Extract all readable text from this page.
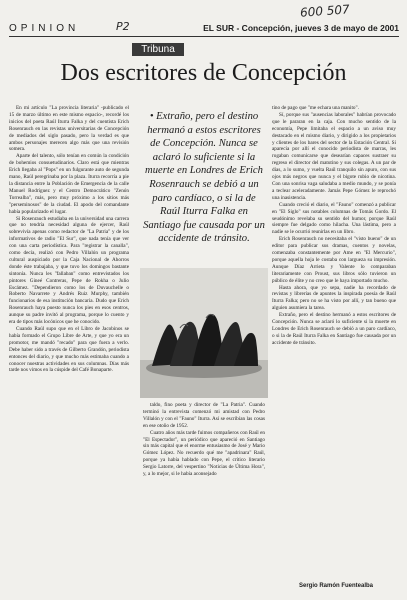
600 507
P2
OPINION	EL SUR - Concepción, jueves 3 de mayo de 2001
Tribuna
Dos escritores de Concepción

En mi artículo "La provincia literaria" -publicado el 15 de marzo último en este mismo espacio-, recordé los inicios del poeta Raúl Iturra Falka y del cuentista Erich Rosenrauch en las revistas universitarias de Concepción de mediados del siglo pasado, pero la verdad es que ambos personajes merecen algo más que una revisión somera.

Aparte del talento, sólo tenían en común la condición de bohemios consuetudinarios. Claro está que mientras Erich llegaba al "Pops" en un fulgurante auto de segunda mano, Raúl peregrinaba por la plaza. Iturra recorría a pie la distancia entre la Población de Emergencia de la calle Manuel Rodríguez y el Centro Democrático "Zenón Torrealba", más, pero muy próximo a los sitios más "perseminosos" de la ciudad. El apodo del comandante había popularizado el lugar.

Si Rosenrauch estudiaba en la universidad una carrera que no tendría necesidad alguna de ejercer, Raúl sobrevivía apenas como redactor de "La Patria" y de los informativos de radio "El Sur", que nada tenía que ver con una carta periodística. Para "registrar la canalla", como decía, realizó con Pedro Villalón un programa cultural auspiciado por la Caja Nacional de Ahorros donde éste trabajaba, y que tuvo los domingos bastante sintonía. Nunca les "fallaban" como entrevistados los pintores Gineé Contreras, Pepe de Rokha o Julio Escámez. "Dependieron como los de Duvauchelle o Roberto Navarrete y Andrés Ruiz Murphy, también funcionarios de esa institución bancaria. Dudo que Erich Rosenrauch haya puesto nunca los pies en esos centros, aunque su padre invitó al programa, porque lo cuento y era de tipos más locónicos que he conocido.

Cuando Raúl supo que en el Libro de Jacobinos se había formado el Grupo Libre de Arte, y que yo era un promotor, me mandó "recado" para que fuera a verlo. Debe haber sido a través de Gilberto Grandón, periodista entonces del diario, y que mucho más estimaba cuando a conocer nuestras actividades en sus columnas. Días más tarde nos vimos en la cúspide del Café Bonaparte.

• Extraño, pero el destino hermanó a estos escritores de Concepción. Nunca se aclaró lo suficiente si la muerte en Londres de Erich Rosenrauch se debió a un paro cardíaco, o si la de Raúl Iturra Falka en Santiago fue causada por un accidente de tránsito.

taldo, fino poeta y director de "La Patria". Cuando terminó la entrevista comenzó mi amistad con Pedro Villalón y con el "Fauno" Iturra. Así se escribían las cosas en ese otoño de 1952.

Cuatro años más tarde fuimos compañeros con Raúl en "El Espectador", un periódico que apareció en Santiago sin más capital que el enorme entusiasmo de José y Mario Gómez López. No recuerdo qué me "apadrinara" Raúl, porque ya había hablado con Pepe, el crítico literario Sergio Latorre, del vespertino "Noticias de Última Hora", y, a lo mejor, si le había aconsejado

tino de pago que "me echara una manito".

Sí, porque sus "ausencias laborales" habrían provocado que le pararan en la caja. Con mucho sentido de la economía, Pepe limitaba el espacio a un aviso muy destacado en el mismo diario, y dirigido a los propietarios y clientes de los bares del sector de la Estación Central. Sí aparecía por allí el conocido periodista de marras, les rogaban comunicarse que desearían capaces sustraer su regreso el director del matutino y sus colegas. A un par de días, a lo sumo, y vuelta Raúl tranquilo sin apuro, con sus ojos más negros que nunca y el bigote rubio de nicotina. Con una sonrisa vaga saludaba a medio mundo, y se ponía a teclear aceleradamente. Jamás Pepe Gómez le reprochó una inasistencia.

Cuando creció el diario, el "Fauno" comenzó a publicar en "El Siglo" sus notables columnas de Tomás Gordo. El seudónimo revelaba su sentido del humor, porque Raúl siempre fue delgado como hilacha. Una lástima, pero a nadie se le ocurrió reunirlas en un libro.

Erich Rosenrauch no necesitaba el "visto bueno" de un editor para publicar sus dramas, cuentos y novelas, comenzaba constantemente por Ame en "El Mercurio", porque aquella hoja le costaba con largueza su impresión. Aunque Díaz Arrieta y Valente lo comparaban literariamente con Proust, sus libros sólo tuvieron un público de élite y no creo que le haya importado mucho.

Hasta ahora, que yo sepa, nadie ha recordado de revistas y librerías de apuntes la inspirada poesía de Raúl Iturra Falka; pero no se ha visto por allí, y tan bueno que alguien asumiera la tarea.

Extraño, pero el destino hermanó a estos escritores de Concepción. Nunca se aclaró lo suficiente si la muerte en Londres de Erich Rosenrauch se debió a un paro cardíaco, o si la de Raúl Iturra Falka en Santiago fue causada por un accidente de tránsito.

Sergio Ramón Fuentealba
